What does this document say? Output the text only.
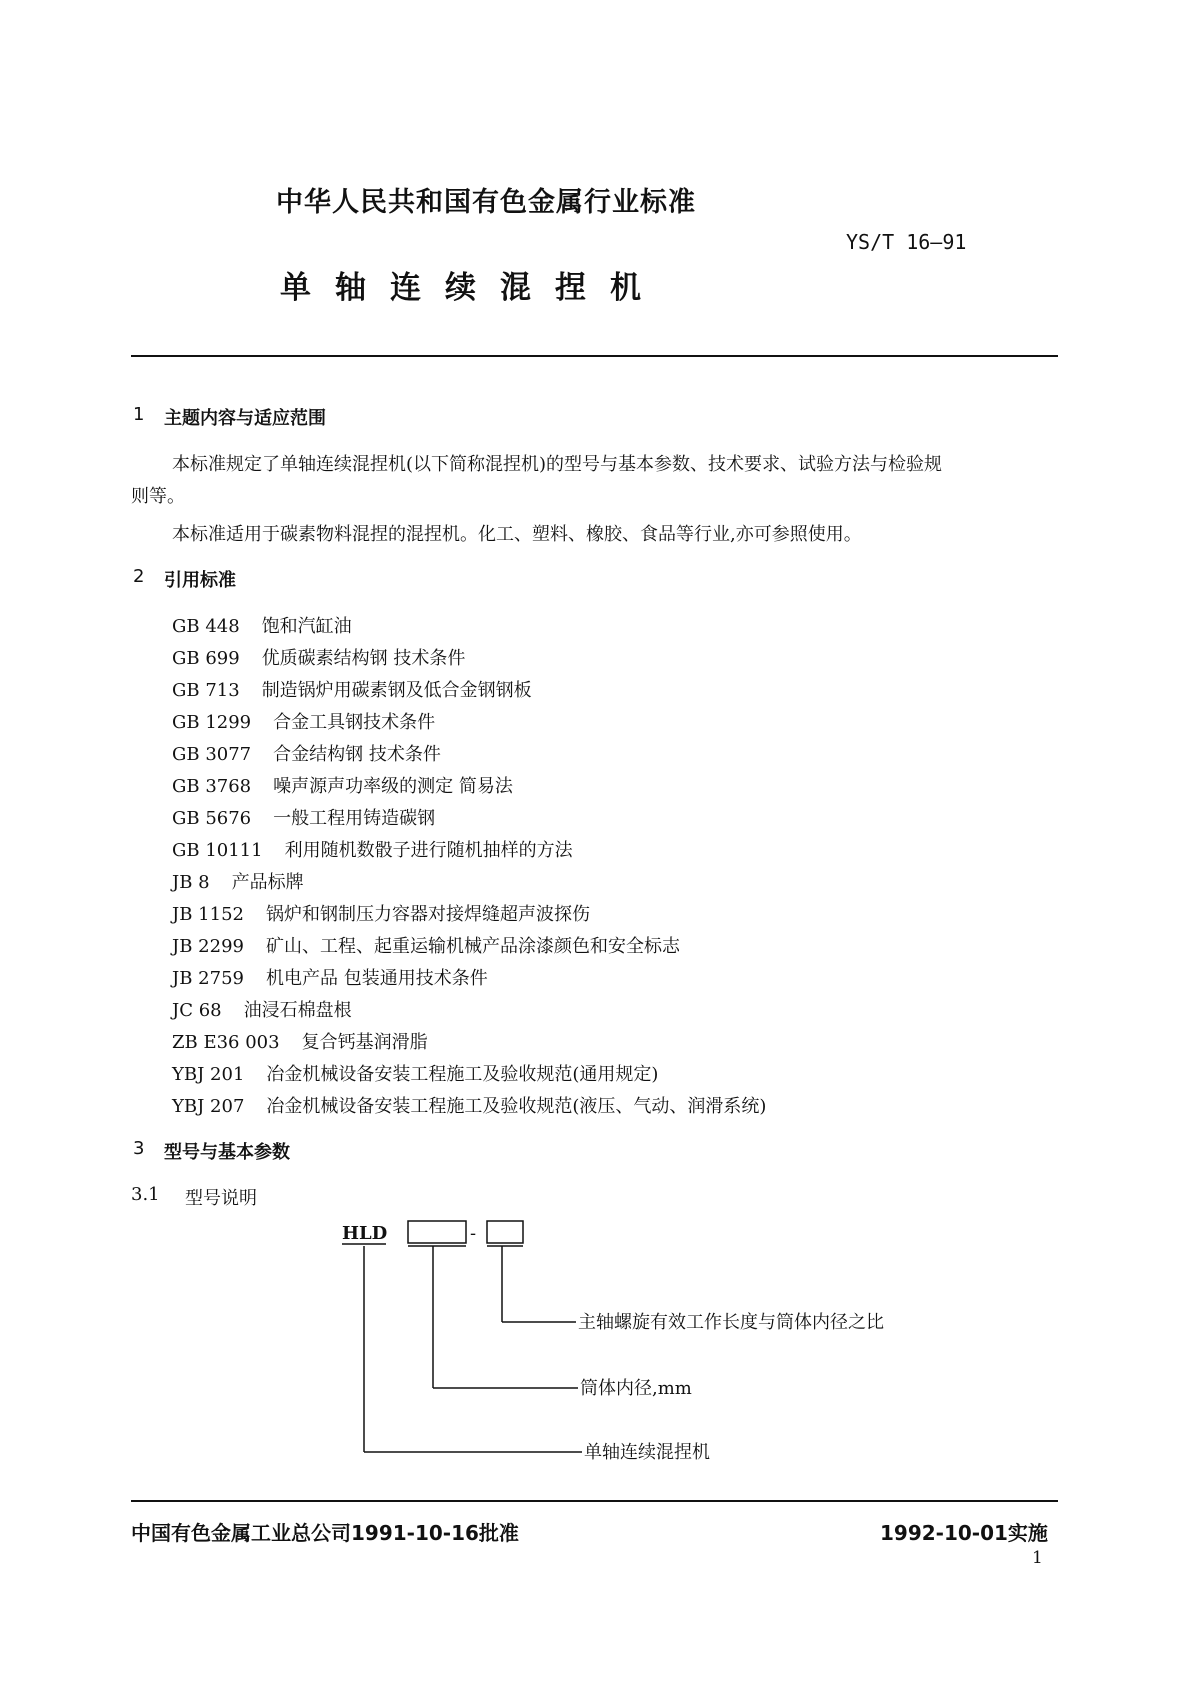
中华人民共和国有色金属行业标准
YS/T 16—91
单轴连续混捏机
1 主题内容与适应范围
本标准规定了单轴连续混捏机(以下简称混捏机)的型号与基本参数、技术要求、试验方法与检验规
则等。
本标准适用于碳素物料混捏的混捏机。化工、塑料、橡胶、食品等行业,亦可参照使用。
2 引用标准
GB 448 饱和汽缸油
GB 699 优质碳素结构钢 技术条件
GB 713 制造锅炉用碳素钢及低合金钢钢板
GB 1299 合金工具钢技术条件
GB 3077 合金结构钢 技术条件
GB 3768 噪声源声功率级的测定 简易法
GB 5676 一般工程用铸造碳钢
GB 10111 利用随机数骰子进行随机抽样的方法
JB 8 产品标牌
JB 1152 锅炉和钢制压力容器对接焊缝超声波探伤
JB 2299 矿山、工程、起重运输机械产品涂漆颜色和安全标志
JB 2759 机电产品 包装通用技术条件
JC 68 油浸石棉盘根
ZB E36 003 复合钙基润滑脂
YBJ 201 冶金机械设备安装工程施工及验收规范(通用规定)
YBJ 207 冶金机械设备安装工程施工及验收规范(液压、气动、润滑系统)
3 型号与基本参数
3.1 型号说明
HLD	-
主轴螺旋有效工作长度与筒体内径之比
筒体内径,mm
单轴连续混捏机
中国有色金属工业总公司1991-10-16批准	1992-10-01实施
1
